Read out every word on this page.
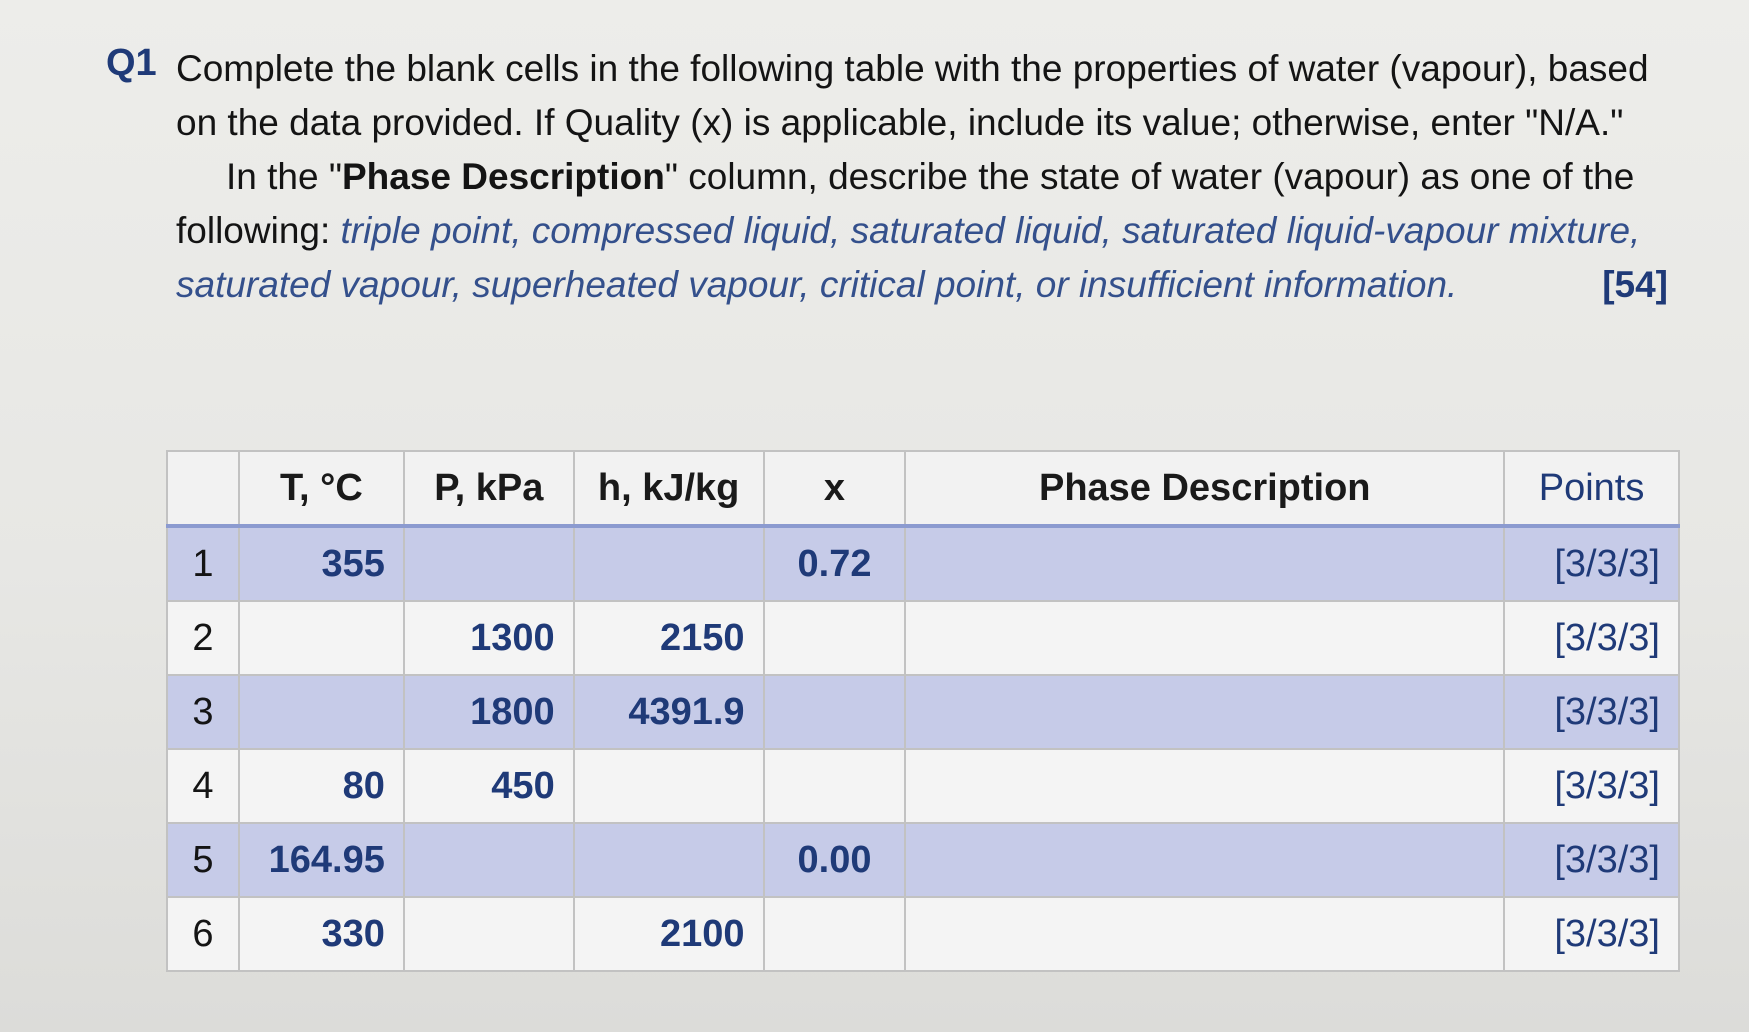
Q1 Complete the blank cells in the following table with the properties of water (vapour), based on the data provided. If Quality (x) is applicable, include its value; otherwise, enter "N/A."

In the "Phase Description" column, describe the state of water (vapour) as one of the following: triple point, compressed liquid, saturated liquid, saturated liquid-vapour mixture, saturated vapour, superheated vapour, critical point, or insufficient information.	[54]
	T, °C	P, kPa	h, kJ/kg	x	Phase Description	Points
1	355			0.72		[3/3/3]
2		1300	2150			[3/3/3]
3		1800	4391.9			[3/3/3]
4	80	450				[3/3/3]
5	164.95			0.00		[3/3/3]
6	330		2100			[3/3/3]
